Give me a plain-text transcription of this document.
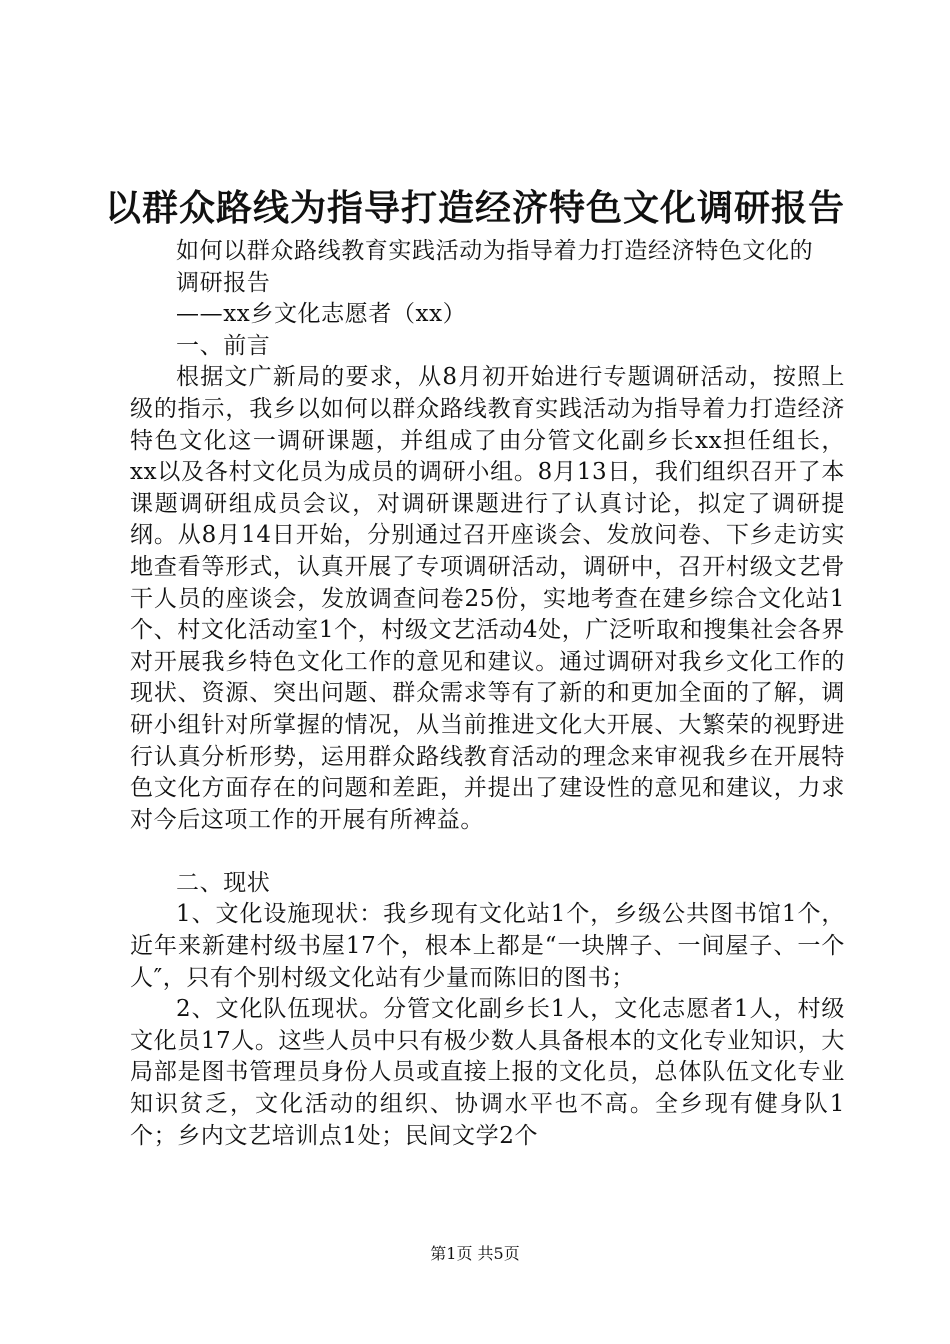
以群众路线为指导打造经济特色文化调研报告

如何以群众路线教育实践活动为指导着力打造经济特色文化的

调研报告

——xx乡文化志愿者（xx）

一、前言

根据文广新局的要求，从8月初开始进行专题调研活动，按照上级的指示，我乡以如何以群众路线教育实践活动为指导着力打造经济特色文化这一调研课题，并组成了由分管文化副乡长xx担任组长，xx以及各村文化员为成员的调研小组。8月13日，我们组织召开了本课题调研组成员会议，对调研课题进行了认真讨论，拟定了调研提纲。从8月14日开始，分别通过召开座谈会、发放问卷、下乡走访实地查看等形式，认真开展了专项调研活动，调研中，召开村级文艺骨干人员的座谈会，发放调查问卷25份，实地考查在建乡综合文化站1个、村文化活动室1个，村级文艺活动4处，广泛听取和搜集社会各界对开展我乡特色文化工作的意见和建议。通过调研对我乡文化工作的现状、资源、突出问题、群众需求等有了新的和更加全面的了解，调研小组针对所掌握的情况，从当前推进文化大开展、大繁荣的视野进行认真分析形势，运用群众路线教育活动的理念来审视我乡在开展特色文化方面存在的问题和差距，并提出了建设性的意见和建议，力求对今后这项工作的开展有所裨益。

二、现状

1、文化设施现状：我乡现有文化站1个，乡级公共图书馆1个，近年来新建村级书屋17个，根本上都是“一块牌子、一间屋子、一个人″，只有个别村级文化站有少量而陈旧的图书；

2、文化队伍现状。分管文化副乡长1人，文化志愿者1人，村级文化员17人。这些人员中只有极少数人具备根本的文化专业知识，大局部是图书管理员身份人员或直接上报的文化员，总体队伍文化专业知识贫乏，文化活动的组织、协调水平也不高。全乡现有健身队1个；乡内文艺培训点1处；民间文学2个

第1页 共5页
